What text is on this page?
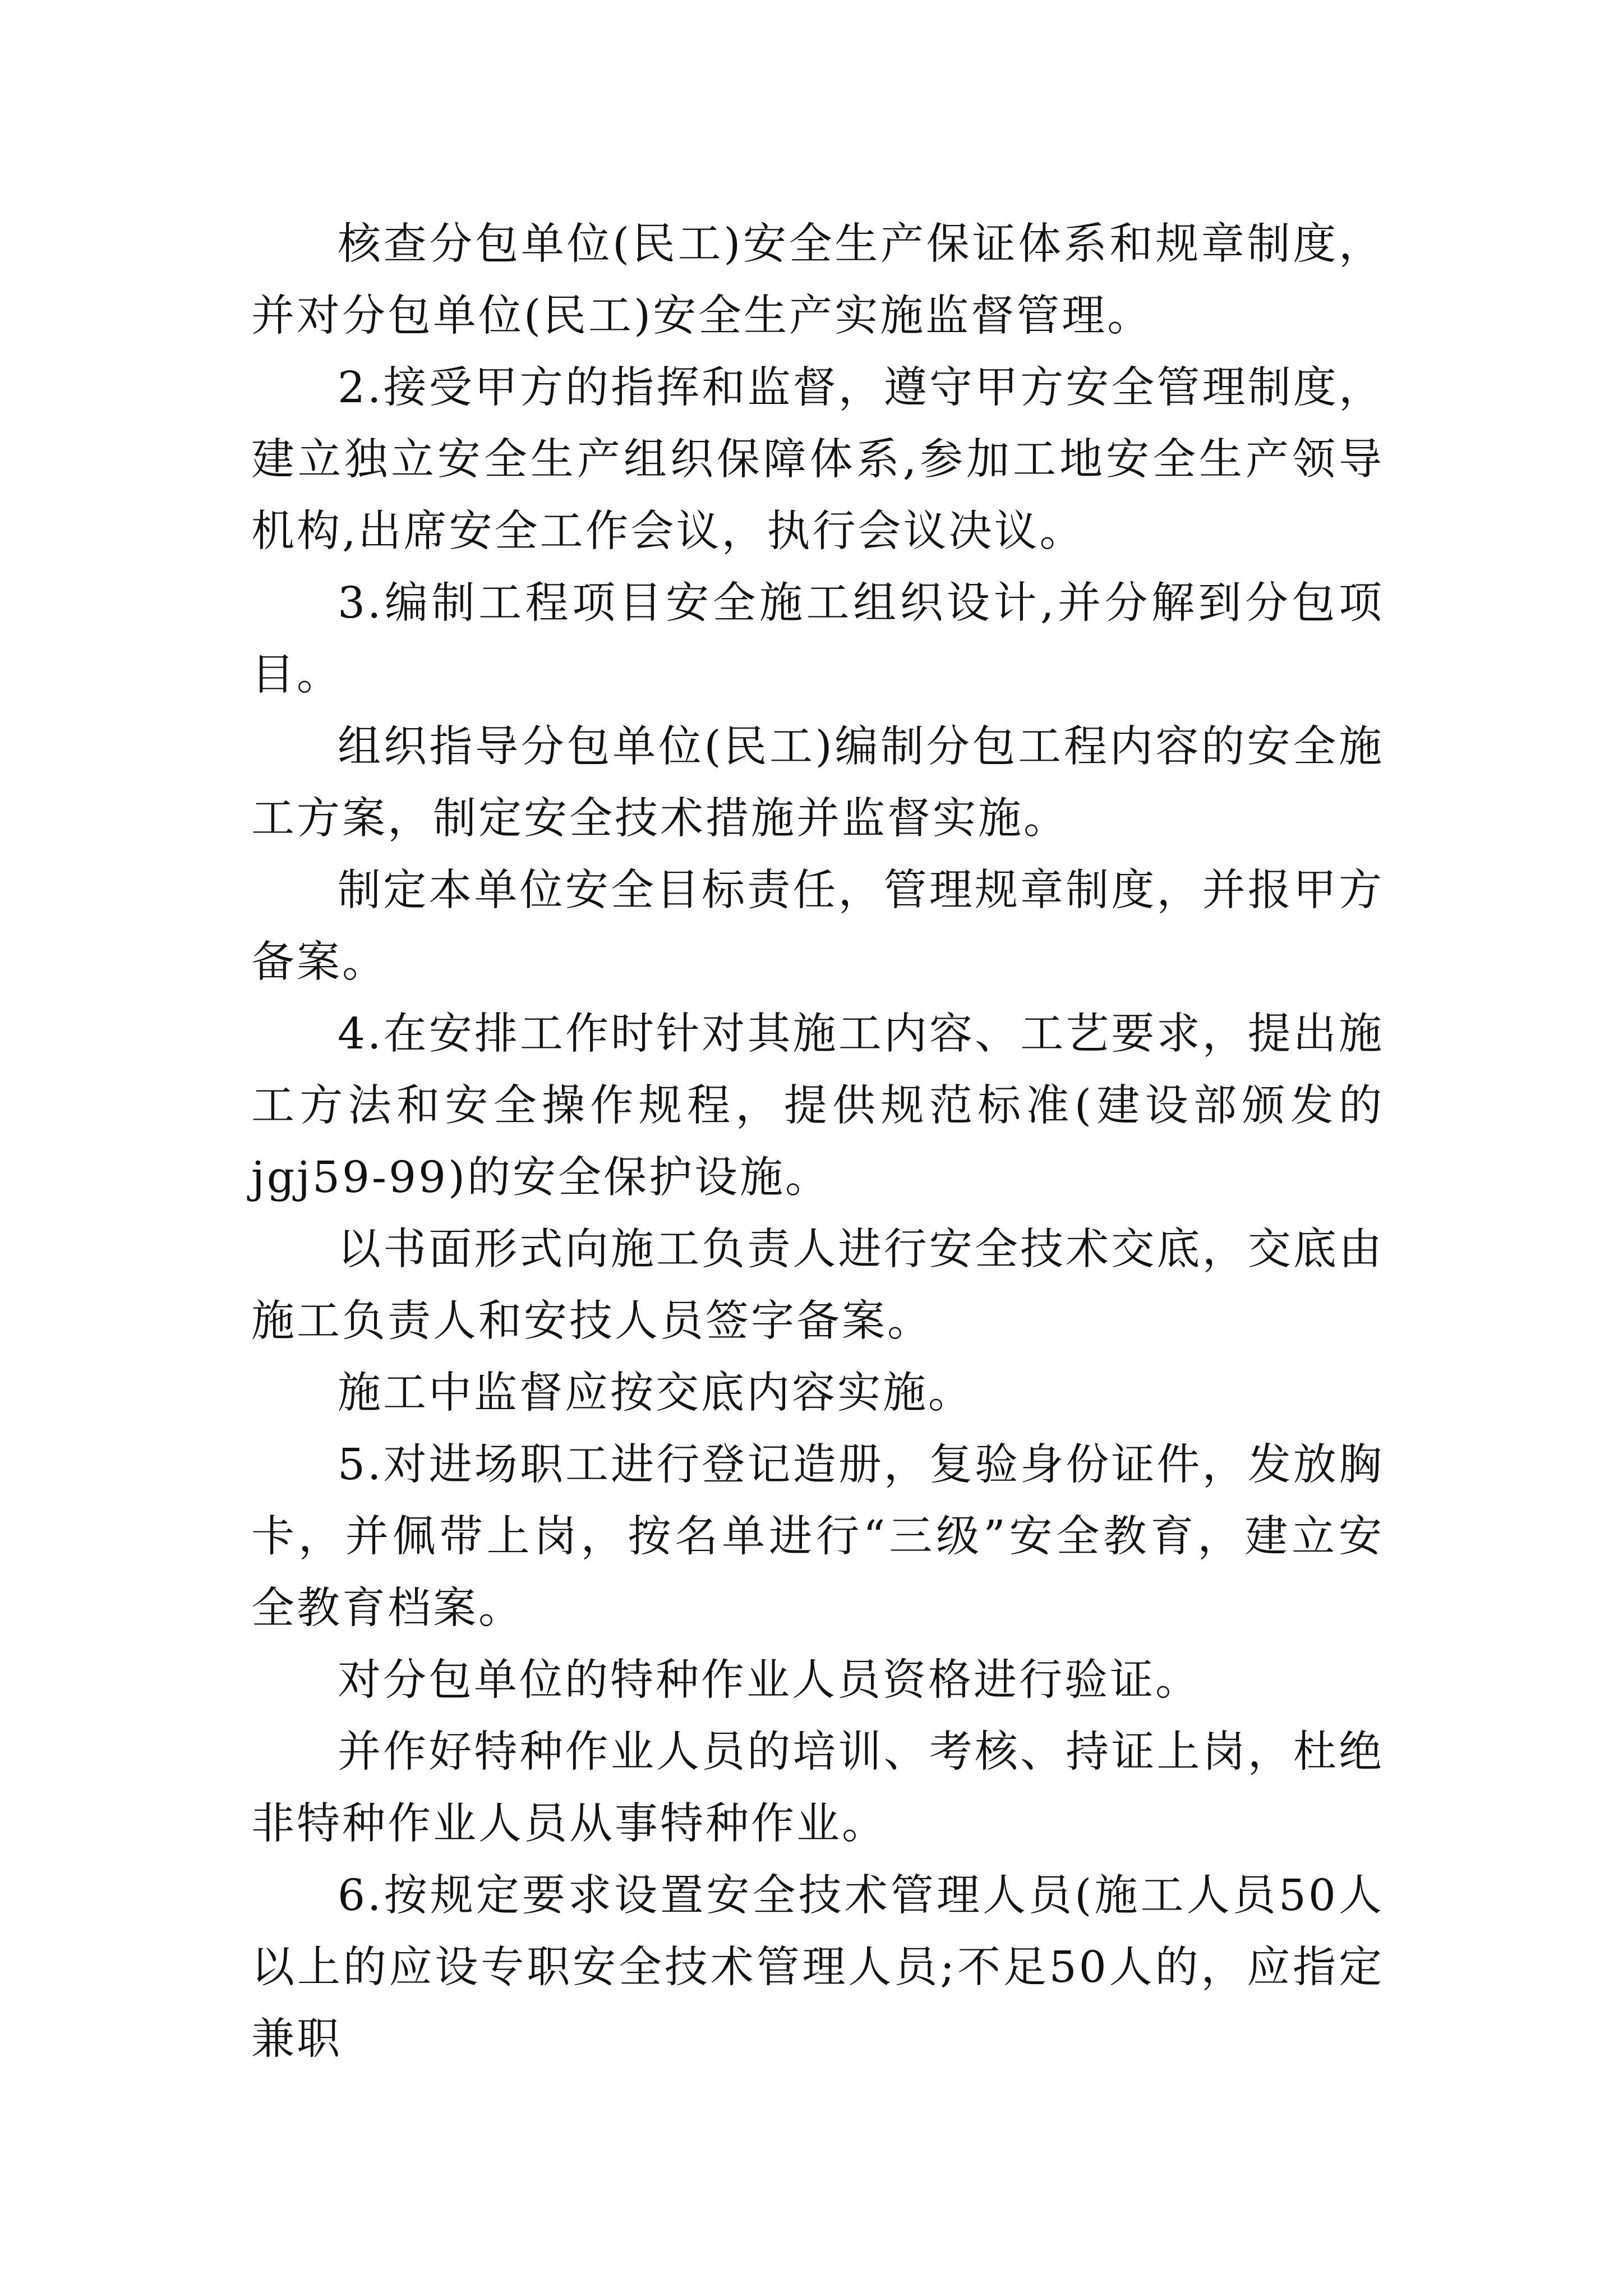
核查分包单位(民工)安全生产保证体系和规章制度，并对分包单位(民工)安全生产实施监督管理。

2.接受甲方的指挥和监督，遵守甲方安全管理制度，建立独立安全生产组织保障体系,参加工地安全生产领导机构,出席安全工作会议，执行会议决议。

3.编制工程项目安全施工组织设计,并分解到分包项目。

组织指导分包单位(民工)编制分包工程内容的安全施工方案，制定安全技术措施并监督实施。

制定本单位安全目标责任，管理规章制度，并报甲方备案。

4.在安排工作时针对其施工内容、工艺要求，提出施工方法和安全操作规程，提供规范标准(建设部颁发的jgj59-99)的安全保护设施。

以书面形式向施工负责人进行安全技术交底，交底由施工负责人和安技人员签字备案。

施工中监督应按交底内容实施。

5.对进场职工进行登记造册，复验身份证件，发放胸卡，并佩带上岗，按名单进行“三级”安全教育，建立安全教育档案。

对分包单位的特种作业人员资格进行验证。

并作好特种作业人员的培训、考核、持证上岗，杜绝非特种作业人员从事特种作业。

6.按规定要求设置安全技术管理人员(施工人员50人以上的应设专职安全技术管理人员;不足50人的，应指定兼职
